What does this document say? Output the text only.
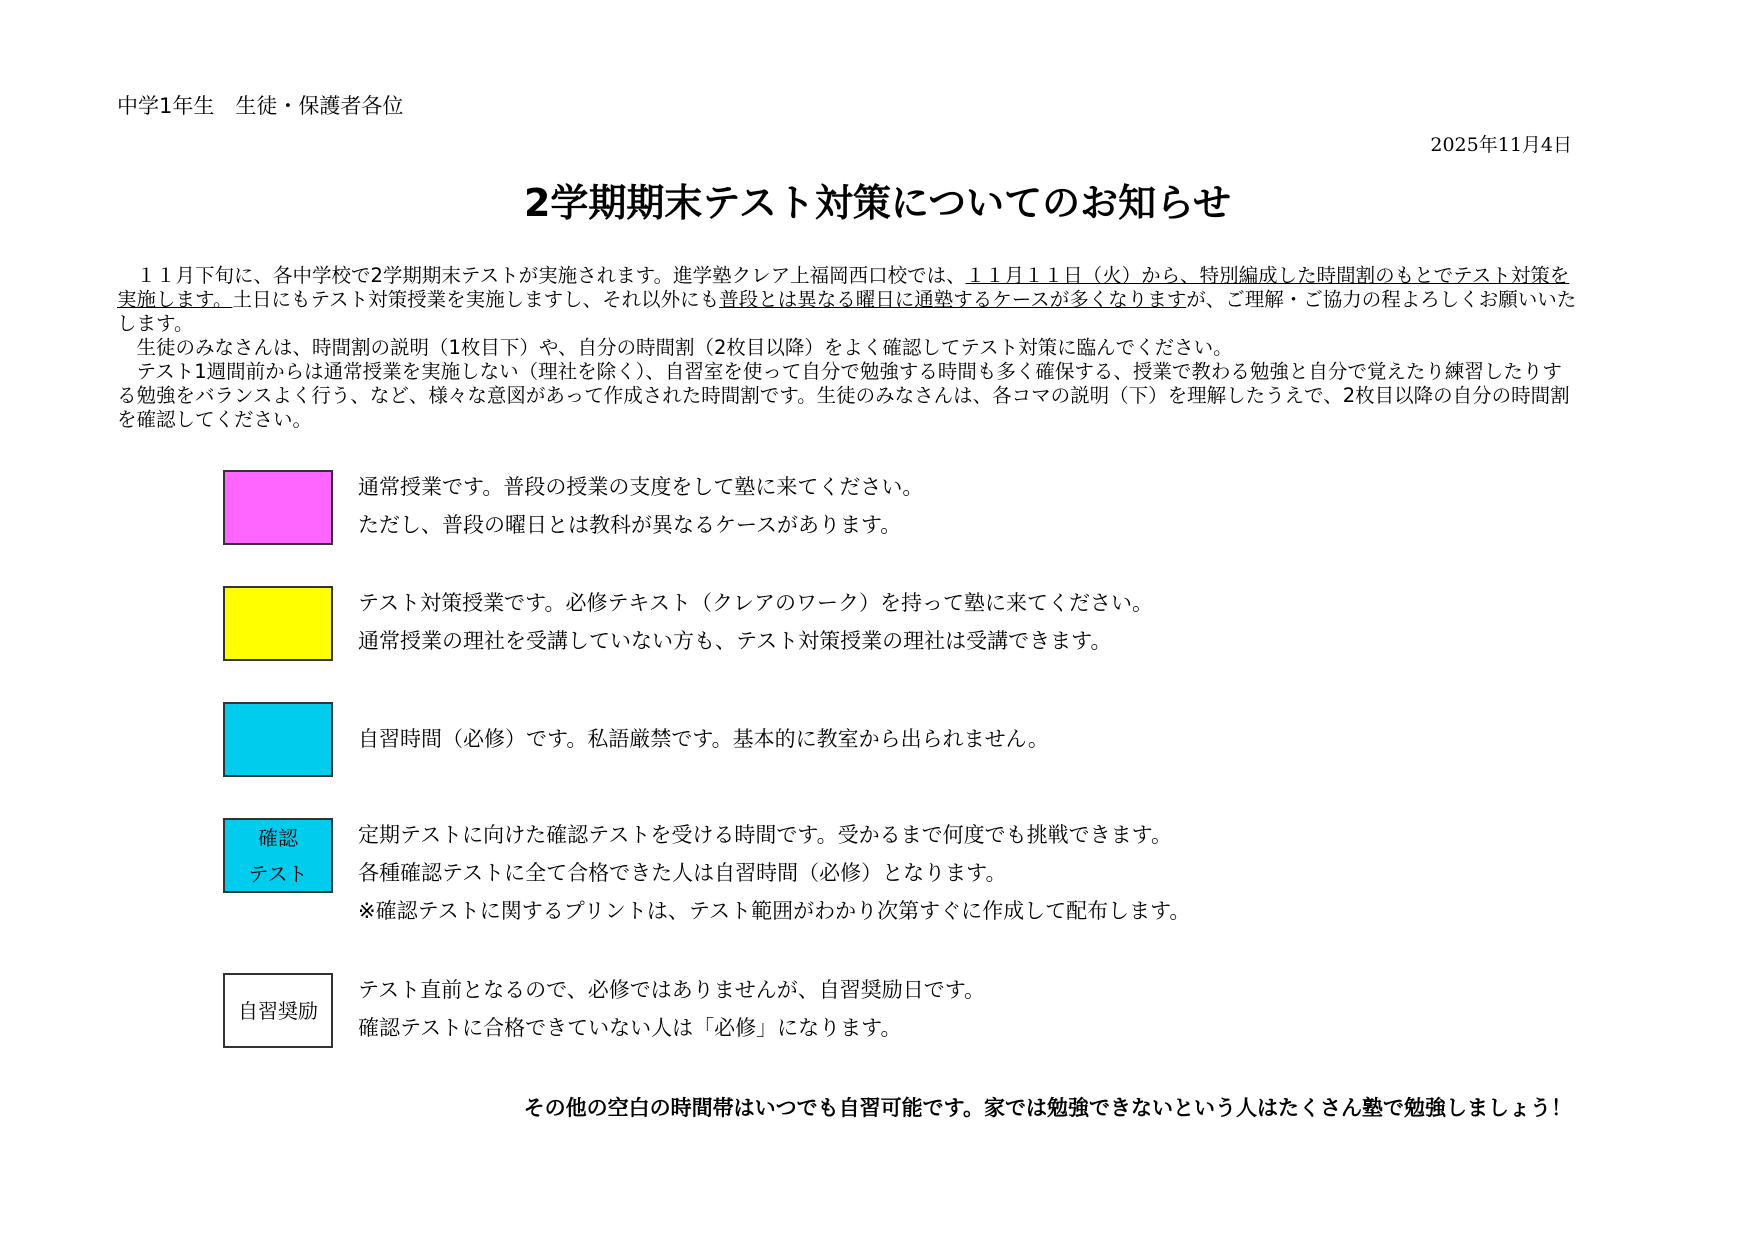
中学1年生　生徒・保護者各位
2025年11月4日
2学期期末テスト対策についてのお知らせ

　１１月下旬に、各中学校で2学期期末テストが実施されます。進学塾クレア上福岡西口校では、１１月１１日（火）から、特別編成した時間割のもとでテスト対策を実施します。土日にもテスト対策授業を実施しますし、それ以外にも普段とは異なる曜日に通塾するケースが多くなりますが、ご理解・ご協力の程よろしくお願いいたします。

　生徒のみなさんは、時間割の説明（1枚目下）や、自分の時間割（2枚目以降）をよく確認してテスト対策に臨んでください。

　テスト1週間前からは通常授業を実施しない（理社を除く）、自習室を使って自分で勉強する時間も多く確保する、授業で教わる勉強と自分で覚えたり練習したりする勉強をバランスよく行う、など、様々な意図があって作成された時間割です。生徒のみなさんは、各コマの説明（下）を理解したうえで、2枚目以降の自分の時間割を確認してください。

通常授業です。普段の授業の支度をして塾に来てください。
ただし、普段の曜日とは教科が異なるケースがあります。
テスト対策授業です。必修テキスト（クレアのワーク）を持って塾に来てください。
通常授業の理社を受講していない方も、テスト対策授業の理社は受講できます。
自習時間（必修）です。私語厳禁です。基本的に教室から出られません。
確認
テスト
定期テストに向けた確認テストを受ける時間です。受かるまで何度でも挑戦できます。
各種確認テストに全て合格できた人は自習時間（必修）となります。
※確認テストに関するプリントは、テスト範囲がわかり次第すぐに作成して配布します。
自習奨励
テスト直前となるので、必修ではありませんが、自習奨励日です。
確認テストに合格できていない人は「必修」になります。
その他の空白の時間帯はいつでも自習可能です。家では勉強できないという人はたくさん塾で勉強しましょう！
